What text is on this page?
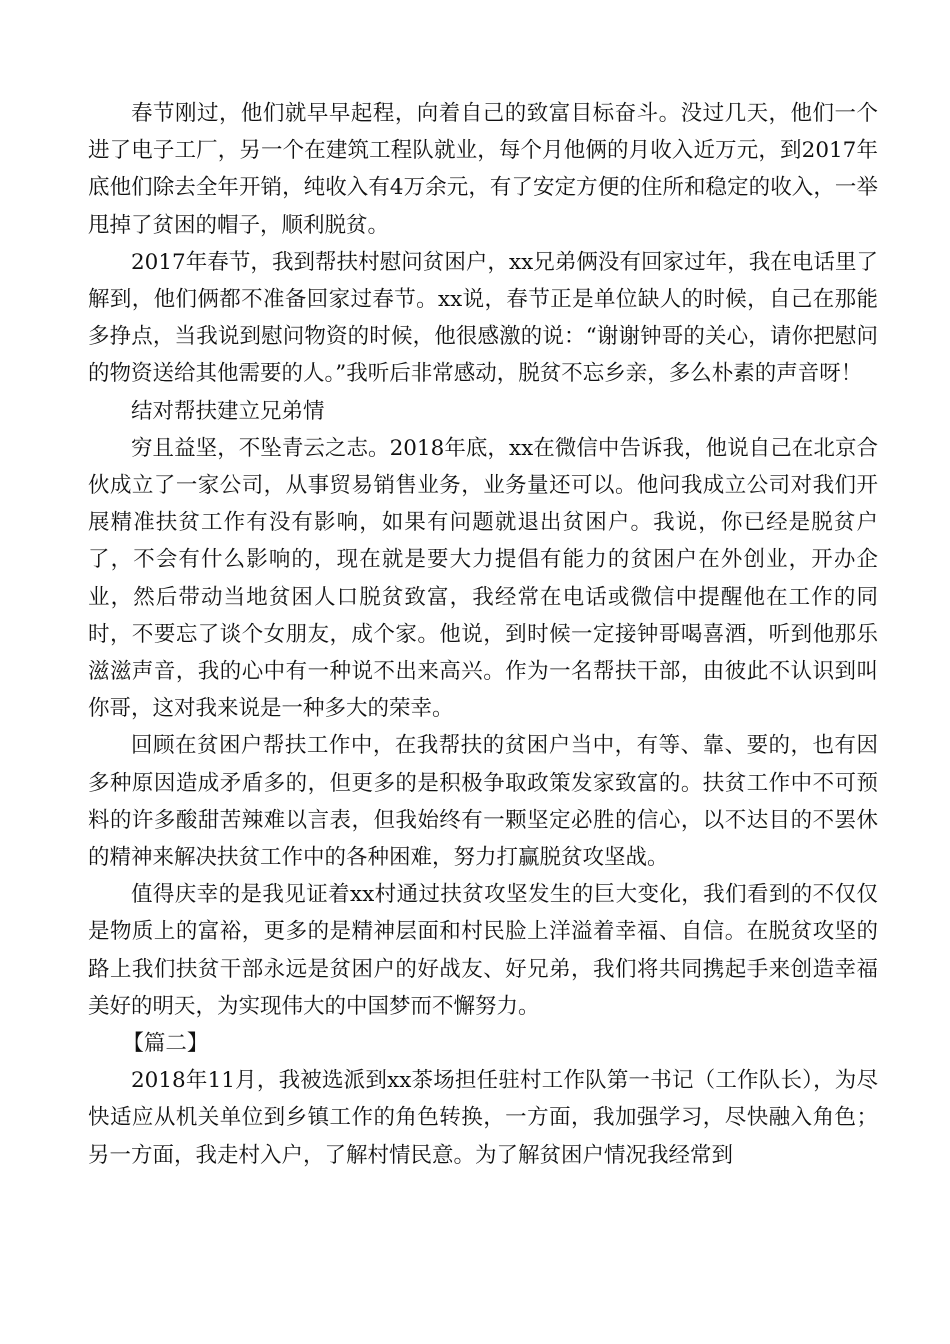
春节刚过，他们就早早起程，向着自己的致富目标奋斗。没过几天，他们一个进了电子工厂，另一个在建筑工程队就业，每个月他俩的月收入近万元，到2017年底他们除去全年开销，纯收入有4万余元，有了安定方便的住所和稳定的收入，一举甩掉了贫困的帽子，顺利脱贫。

2017年春节，我到帮扶村慰问贫困户，xx兄弟俩没有回家过年，我在电话里了解到，他们俩都不准备回家过春节。xx说，春节正是单位缺人的时候，自己在那能多挣点，当我说到慰问物资的时候，他很感激的说：“谢谢钟哥的关心，请你把慰问的物资送给其他需要的人。”我听后非常感动，脱贫不忘乡亲，多么朴素的声音呀！

结对帮扶建立兄弟情

穷且益坚，不坠青云之志。2018年底，xx在微信中告诉我，他说自己在北京合伙成立了一家公司，从事贸易销售业务，业务量还可以。他问我成立公司对我们开展精准扶贫工作有没有影响，如果有问题就退出贫困户。我说，你已经是脱贫户了，不会有什么影响的，现在就是要大力提倡有能力的贫困户在外创业，开办企业，然后带动当地贫困人口脱贫致富，我经常在电话或微信中提醒他在工作的同时，不要忘了谈个女朋友，成个家。他说，到时候一定接钟哥喝喜酒，听到他那乐滋滋声音，我的心中有一种说不出来高兴。作为一名帮扶干部，由彼此不认识到叫你哥，这对我来说是一种多大的荣幸。

回顾在贫困户帮扶工作中，在我帮扶的贫困户当中，有等、靠、要的，也有因多种原因造成矛盾多的，但更多的是积极争取政策发家致富的。扶贫工作中不可预料的许多酸甜苦辣难以言表，但我始终有一颗坚定必胜的信心，以不达目的不罢休的精神来解决扶贫工作中的各种困难，努力打赢脱贫攻坚战。

值得庆幸的是我见证着xx村通过扶贫攻坚发生的巨大变化，我们看到的不仅仅是物质上的富裕，更多的是精神层面和村民脸上洋溢着幸福、自信。在脱贫攻坚的路上我们扶贫干部永远是贫困户的好战友、好兄弟，我们将共同携起手来创造幸福美好的明天，为实现伟大的中国梦而不懈努力。

【篇二】

2018年11月，我被选派到xx茶场担任驻村工作队第一书记（工作队长），为尽快适应从机关单位到乡镇工作的角色转换，一方面，我加强学习，尽快融入角色；另一方面，我走村入户，了解村情民意。为了解贫困户情况我经常到
